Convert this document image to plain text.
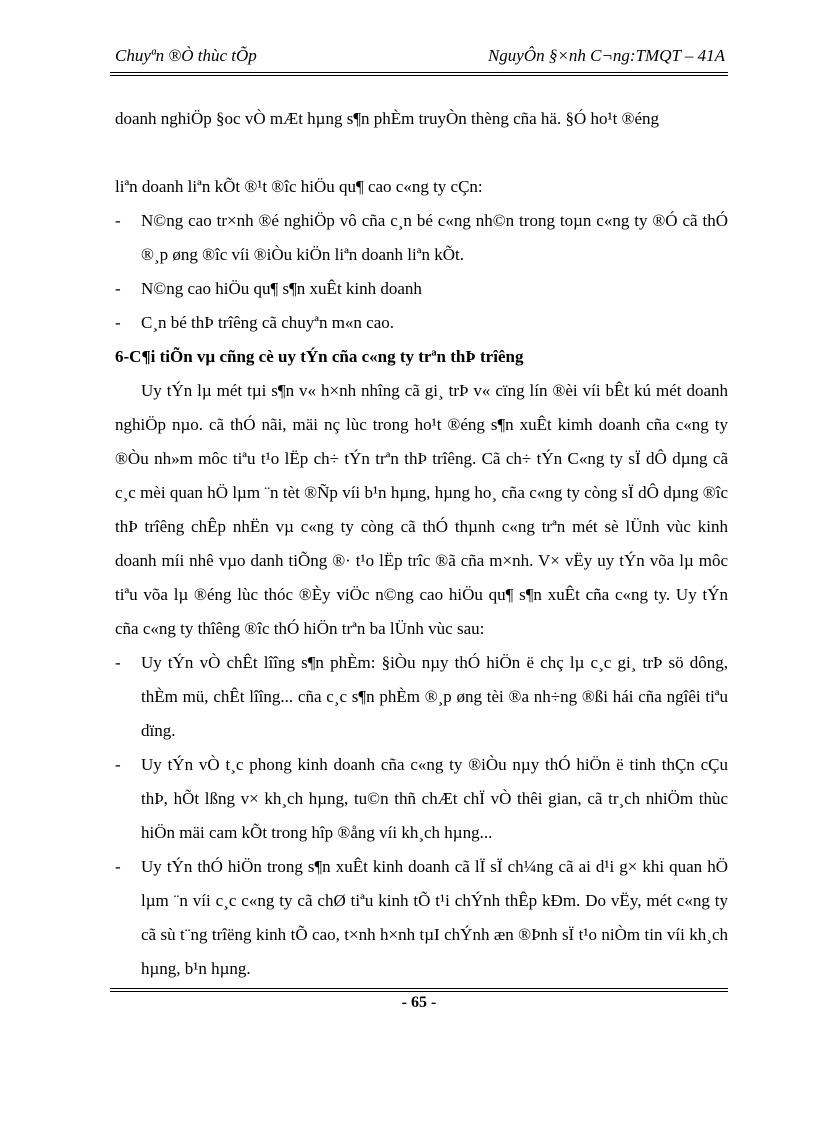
Chuyªn ®Ò thùc tÕp	NguyÔn §×nh C¬ng:TMQT – 41A

doanh nghiÖp §oc vÒ mÆt hµng s¶n phÈm truyÒn thèng cña hä. §Ó ho¹t ®éng

liªn doanh liªn kÕt ®¹t ®îc hiÖu qu¶ cao c«ng ty cÇn:

- N©ng cao tr×nh ®é nghiÖp vô cña c¸n bé c«ng nh©n trong toµn c«ng ty ®Ó cã thÓ ®¸p øng ®îc víi ®iÒu kiÖn liªn doanh liªn kÕt.
- N©ng cao hiÖu qu¶ s¶n xuÊt kinh doanh
- C¸n bé thÞ trîêng cã chuyªn m«n cao.

6-C¶i tiÕn vµ cñng cè uy tÝn cña c«ng ty trªn thÞ trîêng

Uy tÝn lµ mét tµi s¶n v« h×nh nhîng cã gi¸ trÞ v« cïng lín ®èi víi bÊt kú mét doanh nghiÖp nµo. cã thÓ nãi, mäi nç lùc trong ho¹t ®éng s¶n xuÊt kimh doanh cña c«ng ty ®Òu nh»m môc tiªu t¹o lËp ch÷ tÝn trªn thÞ trîêng. Cã ch÷ tÝn C«ng ty sÏ dÔ dµng cã c¸c mèi quan hÖ lµm ¨n tèt ®Ñp víi b¹n hµng, hµng ho¸ cña c«ng ty còng sÏ dÔ dµng ®îc thÞ trîêng chÊp nhËn vµ c«ng ty còng cã thÓ thµnh c«ng trªn mét sè lÜnh vùc kinh doanh míi nhê vµo danh tiÕng ®· t¹o lËp trîc ®ã cña m×nh. V× vËy uy tÝn võa lµ môc tiªu võa lµ ®éng lùc thóc ®Èy viÖc n©ng cao hiÖu qu¶ s¶n xuÊt cña c«ng ty. Uy tÝn cña c«ng ty thîêng ®îc thÓ hiÖn trªn ba lÜnh vùc sau:

- Uy tÝn vÒ chÊt lîîng s¶n phÈm: §iÒu nµy thÓ hiÖn ë chç lµ c¸c gi¸ trÞ sö dông, thÈm mü, chÊt lîîng... cña c¸c s¶n phÈm ®¸p øng tèi ®a nh÷ng ®ßi hái cña ngîêi tiªu dïng.
- Uy tÝn vÒ t¸c phong kinh doanh cña c«ng ty ®iÒu nµy thÓ hiÖn ë tinh thÇn cÇu thÞ, hÕt lßng v× kh¸ch hµng, tu©n thñ chÆt chÏ vÒ thêi gian, cã tr¸ch nhiÖm thùc hiÖn mäi cam kÕt trong hîp ®ång víi kh¸ch hµng...
- Uy tÝn thÓ hiÖn trong s¶n xuÊt kinh doanh cã lÏ sÏ ch¼ng cã ai d¹i g× khi quan hÖ lµm ¨n víi c¸c c«ng ty cã chØ tiªu kinh tÕ t¹i chÝnh thÊp kÐm. Do vËy, mét c«ng ty cã sù t¨ng trîëng kinh tÕ cao, t×nh h×nh tµI chÝnh æn ®Þnh sÏ t¹o niÒm tin víi kh¸ch hµng, b¹n hµng.
- 65 -
